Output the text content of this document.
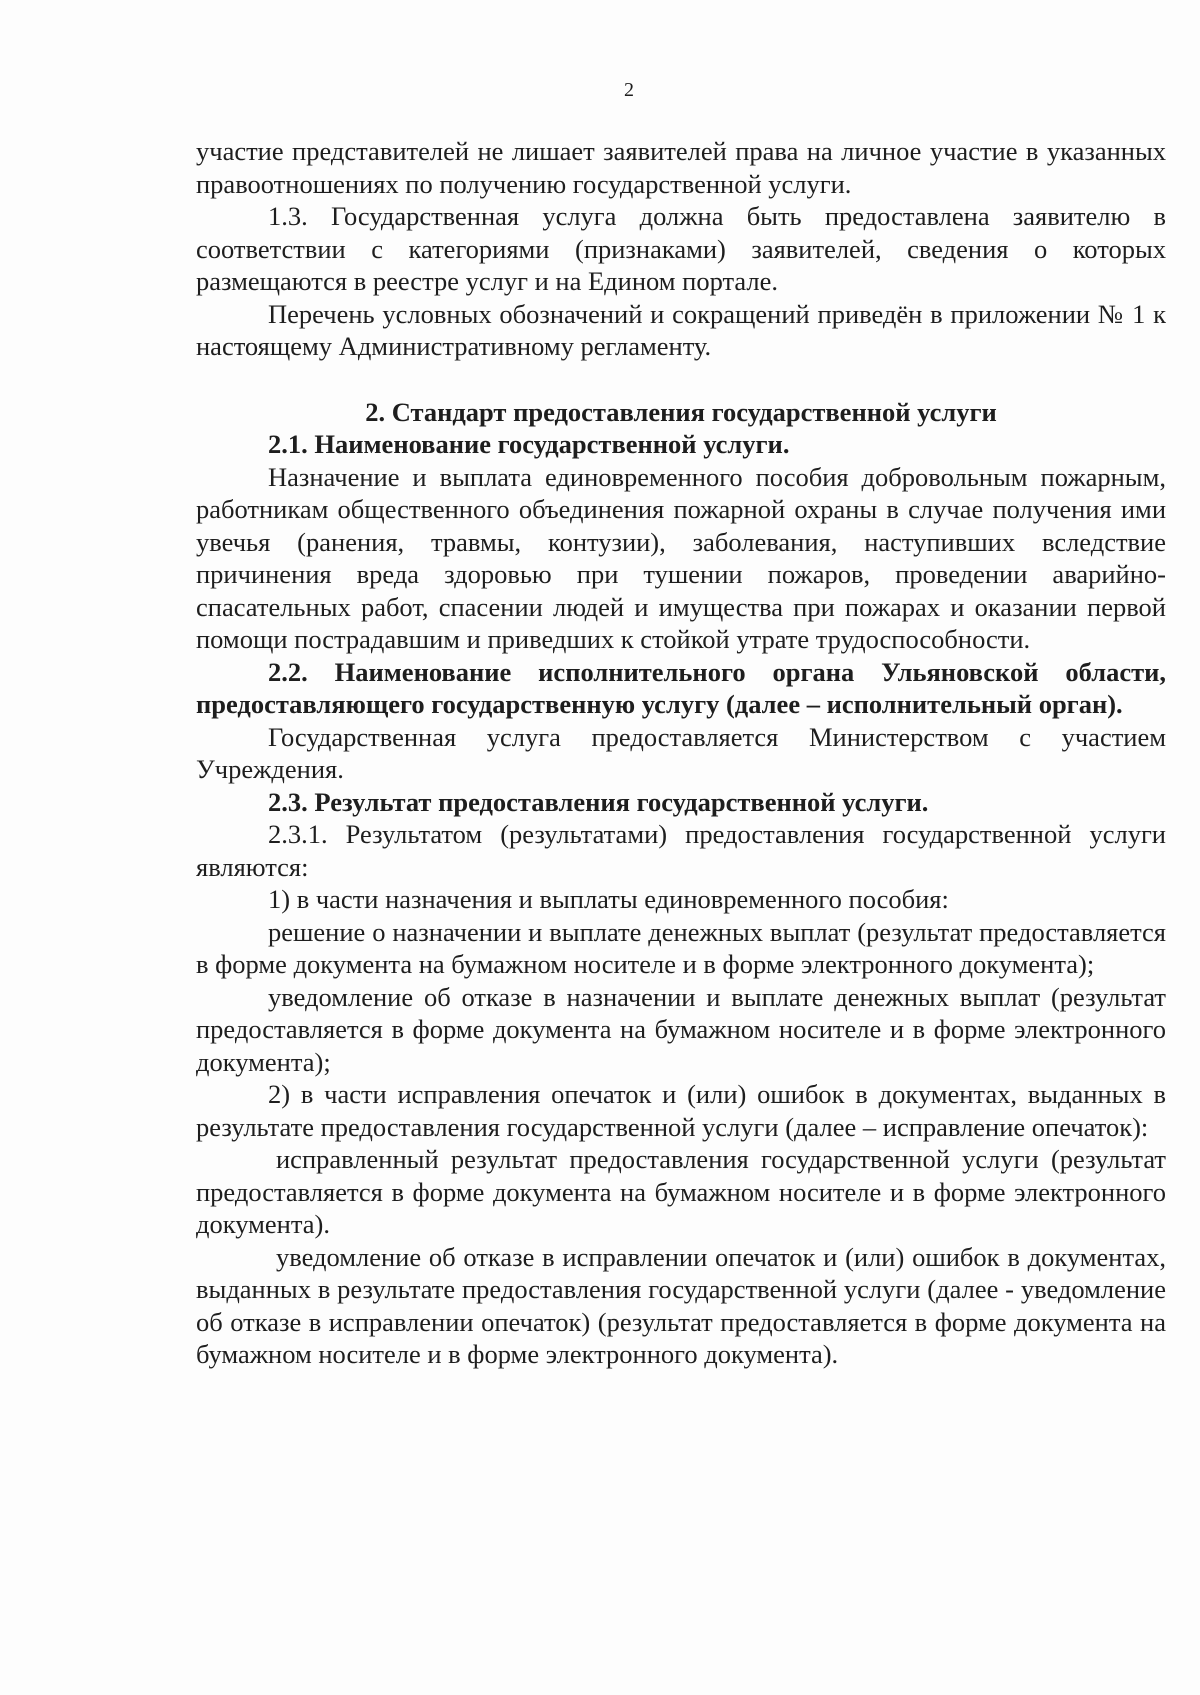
2

участие представителей не лишает заявителей права на личное участие в указанных правоотношениях по получению государственной услуги.

1.3. Государственная услуга должна быть предоставлена заявителю в соответствии с категориями (признаками) заявителей, сведения о которых размещаются в реестре услуг и на Едином портале.

Перечень условных обозначений и сокращений приведён в приложении № 1 к настоящему Административному регламенту.

2. Стандарт предоставления государственной услуги

2.1. Наименование государственной услуги.

Назначение и выплата единовременного пособия добровольным пожарным, работникам общественного объединения пожарной охраны в случае получения ими увечья (ранения, травмы, контузии), заболевания, наступивших вследствие причинения вреда здоровью при тушении пожаров, проведении аварийно-спасательных работ, спасении людей и имущества при пожарах и оказании первой помощи пострадавшим и приведших к стойкой утрате трудоспособности.

2.2. Наименование исполнительного органа Ульяновской области, предоставляющего государственную услугу (далее – исполнительный орган).

Государственная услуга предоставляется Министерством с участием Учреждения.

2.3. Результат предоставления государственной услуги.

2.3.1. Результатом (результатами) предоставления государственной услуги являются:

1) в части назначения и выплаты единовременного пособия:

решение о назначении и выплате денежных выплат (результат предоставляется в форме документа на бумажном носителе и в форме электронного документа);

уведомление об отказе в назначении и выплате денежных выплат (результат предоставляется в форме документа на бумажном носителе и в форме электронного документа);

2) в части исправления опечаток и (или) ошибок в документах, выданных в результате предоставления государственной услуги (далее – исправление опечаток):

исправленный результат предоставления государственной услуги (результат предоставляется в форме документа на бумажном носителе и в форме электронного документа).

уведомление об отказе в исправлении опечаток и (или) ошибок в документах, выданных в результате предоставления государственной услуги (далее - уведомление об отказе в исправлении опечаток) (результат предоставляется в форме документа на бумажном носителе и в форме электронного документа).
